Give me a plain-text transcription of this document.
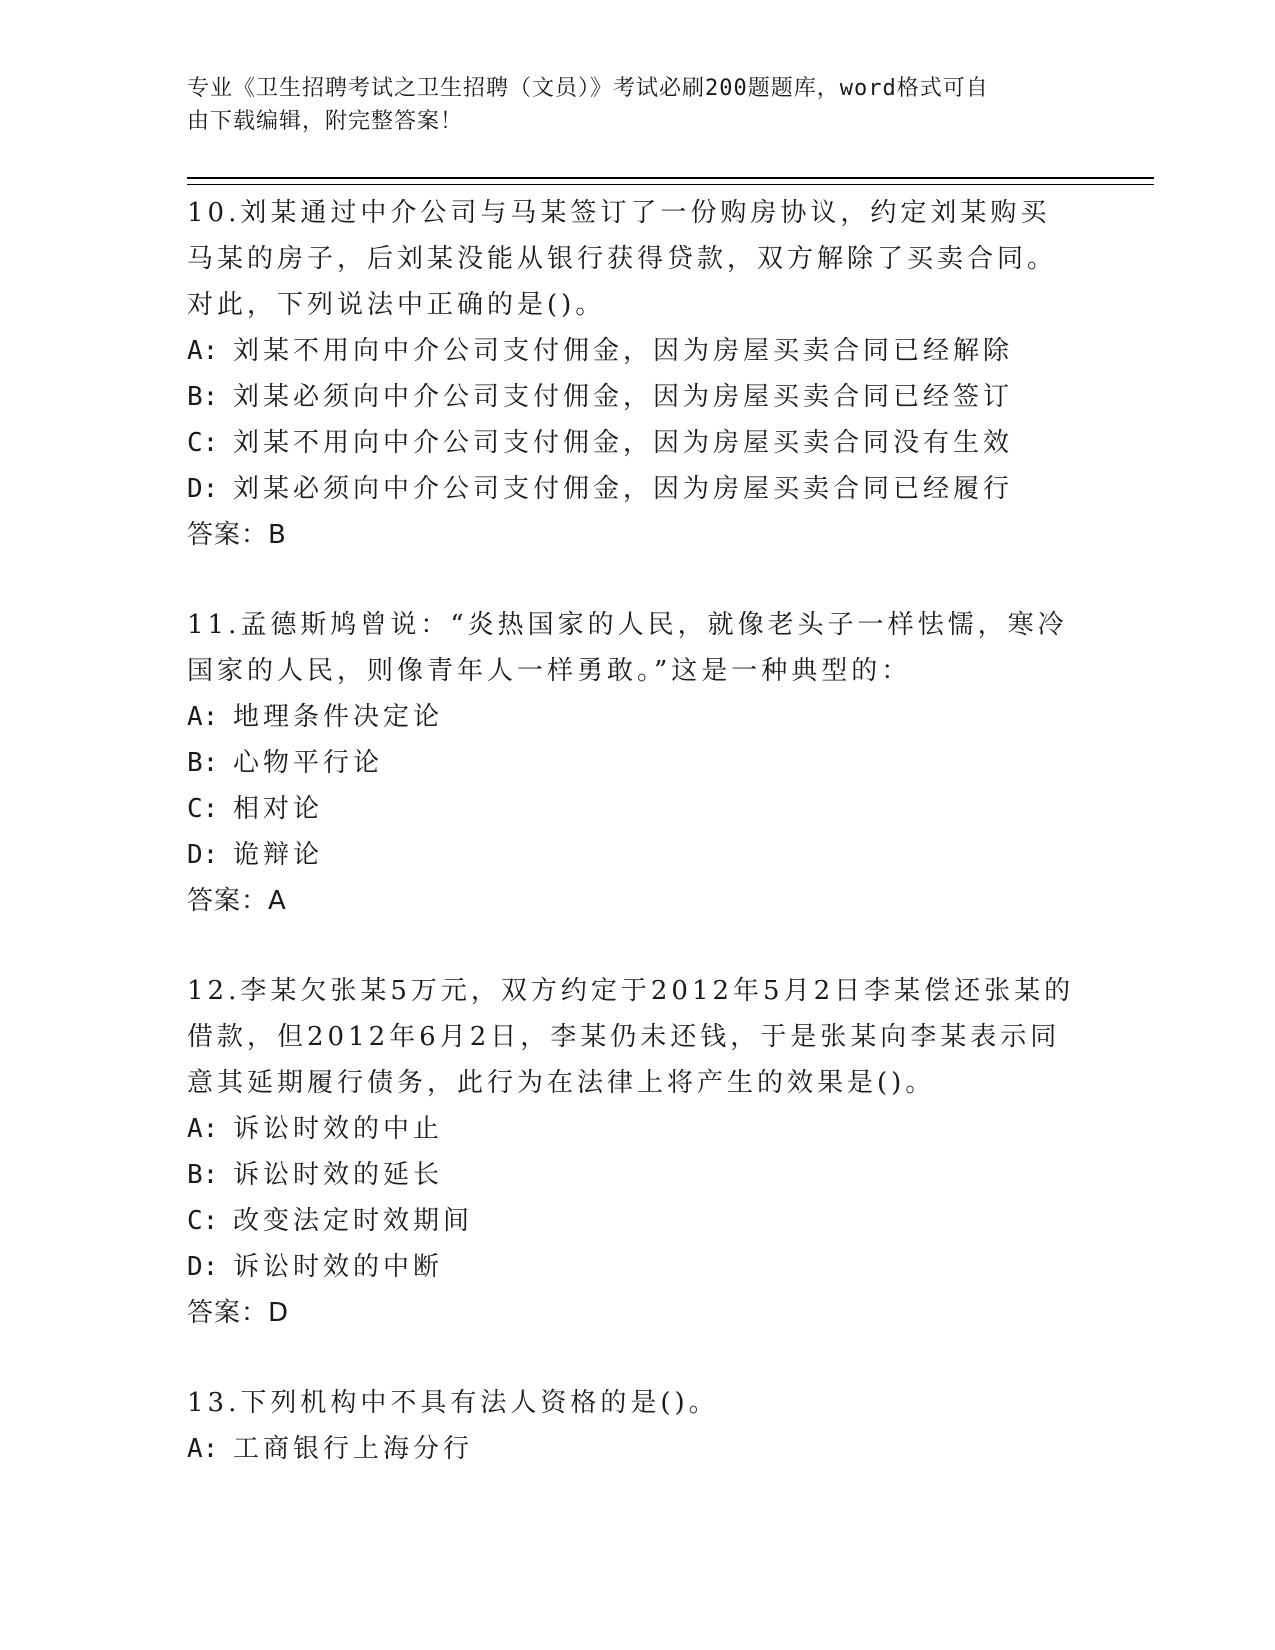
专业《卫生招聘考试之卫生招聘（文员）》考试必刷200题题库，word格式可自
由下载编辑，附完整答案！

10.刘某通过中介公司与马某签订了一份购房协议，约定刘某购买马某的房子，后刘某没能从银行获得贷款，双方解除了买卖合同。对此，下列说法中正确的是()。

A: 刘某不用向中介公司支付佣金，因为房屋买卖合同已经解除
B: 刘某必须向中介公司支付佣金，因为房屋买卖合同已经签订
C: 刘某不用向中介公司支付佣金，因为房屋买卖合同没有生效
D: 刘某必须向中介公司支付佣金，因为房屋买卖合同已经履行
答案：B

11.孟德斯鸠曾说：“炎热国家的人民，就像老头子一样怯懦，寒冷国家的人民，则像青年人一样勇敢。”这是一种典型的：

A: 地理条件决定论
B: 心物平行论
C: 相对论
D: 诡辩论
答案：A

12.李某欠张某5万元，双方约定于2012年5月2日李某偿还张某的借款，但2012年6月2日，李某仍未还钱，于是张某向李某表示同意其延期履行债务，此行为在法律上将产生的效果是()。

A: 诉讼时效的中止
B: 诉讼时效的延长
C: 改变法定时效期间
D: 诉讼时效的中断
答案：D

13.下列机构中不具有法人资格的是()。

A: 工商银行上海分行
